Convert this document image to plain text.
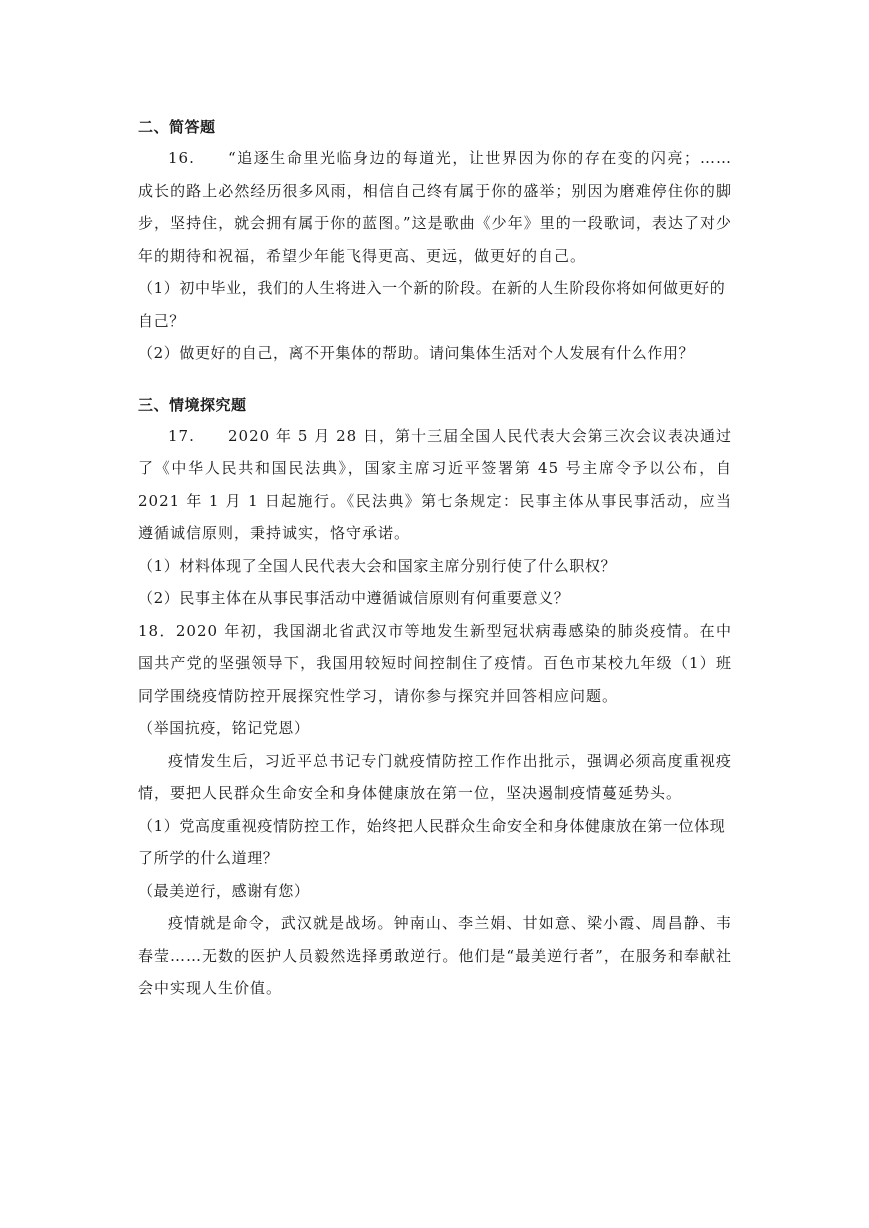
二、简答题

16. “追逐生命里光临身边的每道光，让世界因为你的存在变的闪亮；……成长的路上必然经历很多风雨，相信自己终有属于你的盛举；别因为磨难停住你的脚步，坚持住，就会拥有属于你的蓝图。”这是歌曲《少年》里的一段歌词，表达了对少年的期待和祝福，希望少年能飞得更高、更远，做更好的自己。

（1）初中毕业，我们的人生将进入一个新的阶段。在新的人生阶段你将如何做更好的自己？

（2）做更好的自己，离不开集体的帮助。请问集体生活对个人发展有什么作用？

三、情境探究题

17. 2020 年 5 月 28 日，第十三届全国人民代表大会第三次会议表决通过了《中华人民共和国民法典》，国家主席习近平签署第 45 号主席令予以公布，自 2021 年 1 月 1 日起施行。《民法典》第七条规定：民事主体从事民事活动，应当遵循诚信原则，秉持诚实，恪守承诺。

（1）材料体现了全国人民代表大会和国家主席分别行使了什么职权？

（2）民事主体在从事民事活动中遵循诚信原则有何重要意义？

18．2020 年初，我国湖北省武汉市等地发生新型冠状病毒感染的肺炎疫情。在中国共产党的坚强领导下，我国用较短时间控制住了疫情。百色市某校九年级（1）班同学围绕疫情防控开展探究性学习，请你参与探究并回答相应问题。

（举国抗疫，铭记党恩）

疫情发生后，习近平总书记专门就疫情防控工作作出批示，强调必须高度重视疫情，要把人民群众生命安全和身体健康放在第一位，坚决遏制疫情蔓延势头。

（1）党高度重视疫情防控工作，始终把人民群众生命安全和身体健康放在第一位体现了所学的什么道理？

（最美逆行，感谢有您）

疫情就是命令，武汉就是战场。钟南山、李兰娟、甘如意、梁小霞、周昌静、韦春莹……无数的医护人员毅然选择勇敢逆行。他们是“最美逆行者”，在服务和奉献社会中实现人生价值。
